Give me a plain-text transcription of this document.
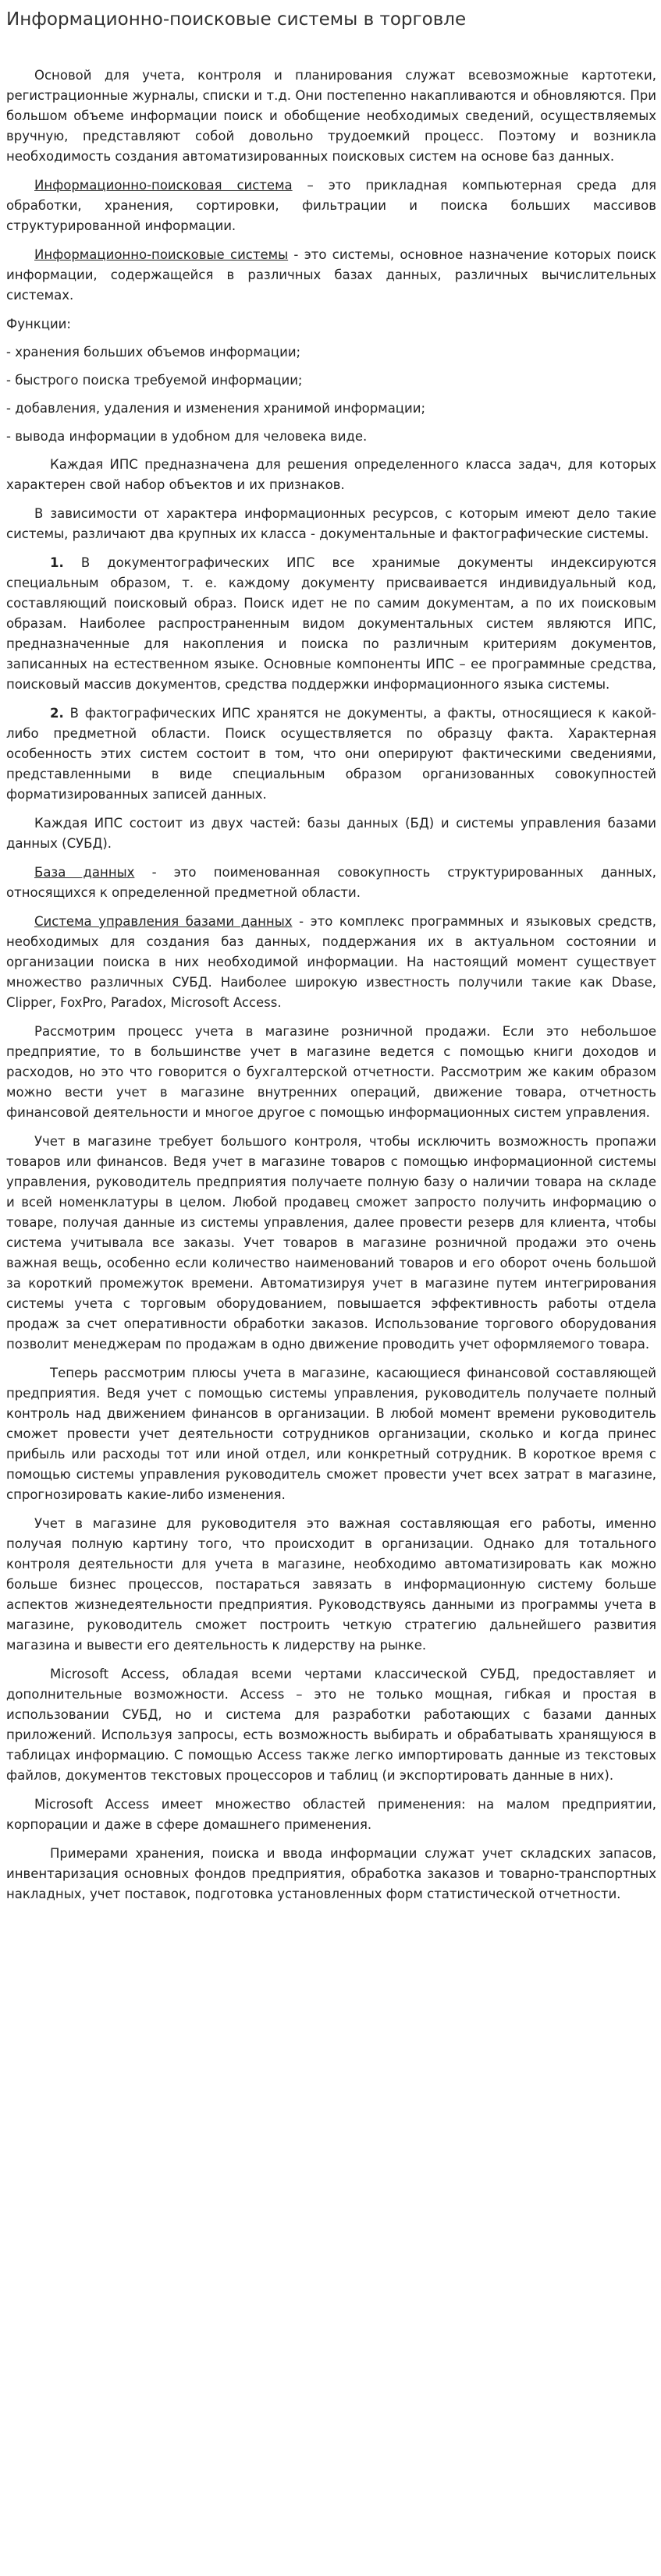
Информационно-поисковые системы в торговле

Основой для учета, контроля и планирования служат всевозможные картотеки, регистрационные журналы, списки и т.д. Они постепенно накапливаются и обновляются. При большом объеме информации поиск и обобщение необходимых сведений, осуществляемых вручную, представляют собой довольно трудоемкий процесс. Поэтому и возникла необходимость создания автоматизированных поисковых систем на основе баз данных.

Информационно-поисковая система – это прикладная компьютерная среда для обработки, хранения, сортировки, фильтрации и поиска больших массивов структурированной информации.

Информационно-поисковые системы - это системы, основное назначение которых поиск информации, содержащейся в различных базах данных, различных вычислительных системах.

Функции:

- хранения больших объемов информации;

- быстрого поиска требуемой информации;

- добавления, удаления и изменения хранимой информации;

- вывода информации в удобном для человека виде.

Каждая ИПС предназначена для решения определенного класса задач, для которых характерен свой набор объектов и их признаков.

В зависимости от характера информационных ресурсов, с которым имеют дело такие системы, различают два крупных их класса - документальные и фактографические системы.

1. В документографических ИПС все хранимые документы индексируются специальным образом, т. е. каждому документу присваивается индивидуальный код, составляющий поисковый образ. Поиск идет не по самим документам, а по их поисковым образам. Наиболее распространенным видом документальных систем являются ИПС, предназначенные для накопления и поиска по различным критериям документов, записанных на естественном языке. Основные компоненты ИПС – ее программные средства, поисковый массив документов, средства поддержки информационного языка системы.

2. В фактографических ИПС хранятся не документы, а факты, относящиеся к какой-либо предметной области. Поиск осуществляется по образцу факта. Характерная особенность этих систем состоит в том, что они оперируют фактическими сведениями, представленными в виде специальным образом организованных совокупностей форматизированных записей данных.

Каждая ИПС состоит из двух частей: базы данных (БД) и системы управления базами данных (СУБД).

База данных - это поименованная совокупность структурированных данных, относящихся к определенной предметной области.

Система управления базами данных - это комплекс программных и языковых средств, необходимых для создания баз данных, поддержания их в актуальном состоянии и организации поиска в них необходимой информации. На настоящий момент существует множество различных СУБД. Наиболее широкую известность получили такие как Dbase, Clipper, FoxPro, Paradox, Microsoft Access.

Рассмотрим процесс учета в магазине розничной продажи. Если это небольшое предприятие, то в большинстве учет в магазине ведется с помощью книги доходов и расходов, но это что говорится о бухгалтерской отчетности. Рассмотрим же каким образом можно вести учет в магазине внутренних операций, движение товара, отчетность финансовой деятельности и многое другое с помощью информационных систем управления.

Учет в магазине требует большого контроля, чтобы исключить возможность пропажи товаров или финансов. Ведя учет в магазине товаров с помощью информационной системы управления, руководитель предприятия получаете полную базу о наличии товара на складе и всей номенклатуры в целом. Любой продавец сможет запросто получить информацию о товаре, получая данные из системы управления, далее провести резерв для клиента, чтобы система учитывала все заказы. Учет товаров в магазине розничной продажи это очень важная вещь, особенно если количество наименований товаров и его оборот очень большой за короткий промежуток времени. Автоматизируя учет в магазине путем интегрирования системы учета с торговым оборудованием, повышается эффективность работы отдела продаж за счет оперативности обработки заказов. Использование торгового оборудования позволит менеджерам по продажам в одно движение проводить учет оформляемого товара.

Теперь рассмотрим плюсы учета в магазине, касающиеся финансовой составляющей предприятия. Ведя учет с помощью системы управления, руководитель получаете полный контроль над движением финансов в организации. В любой момент времени руководитель сможет провести учет деятельности сотрудников организации, сколько и когда принес прибыль или расходы тот или иной отдел, или конкретный сотрудник. В короткое время с помощью системы управления руководитель сможет провести учет всех затрат в магазине, спрогнозировать какие-либо изменения.

Учет в магазине для руководителя это важная составляющая его работы, именно получая полную картину того, что происходит в организации. Однако для тотального контроля деятельности для учета в магазине, необходимо автоматизировать как можно больше бизнес процессов, постараться завязать в информационную систему больше аспектов жизнедеятельности предприятия. Руководствуясь данными из программы учета в магазине, руководитель сможет построить четкую стратегию дальнейшего развития магазина и вывести его деятельность к лидерству на рынке.

Microsoft Access, обладая всеми чертами классической СУБД, предоставляет и дополнительные возможности. Access – это не только мощная, гибкая и простая в использовании СУБД, но и система для разработки работающих с базами данных приложений. Используя запросы, есть возможность выбирать и обрабатывать хранящуюся в таблицах информацию. С помощью Access также легко импортировать данные из текстовых файлов, документов текстовых процессоров и таблиц (и экспортировать данные в них).

Microsoft Access имеет множество областей применения: на малом предприятии, корпорации и даже в сфере домашнего применения.

Примерами хранения, поиска и ввода информации служат учет складских запасов, инвентаризация основных фондов предприятия, обработка заказов и товарно-транспортных накладных, учет поставок, подготовка установленных форм статистической отчетности.
